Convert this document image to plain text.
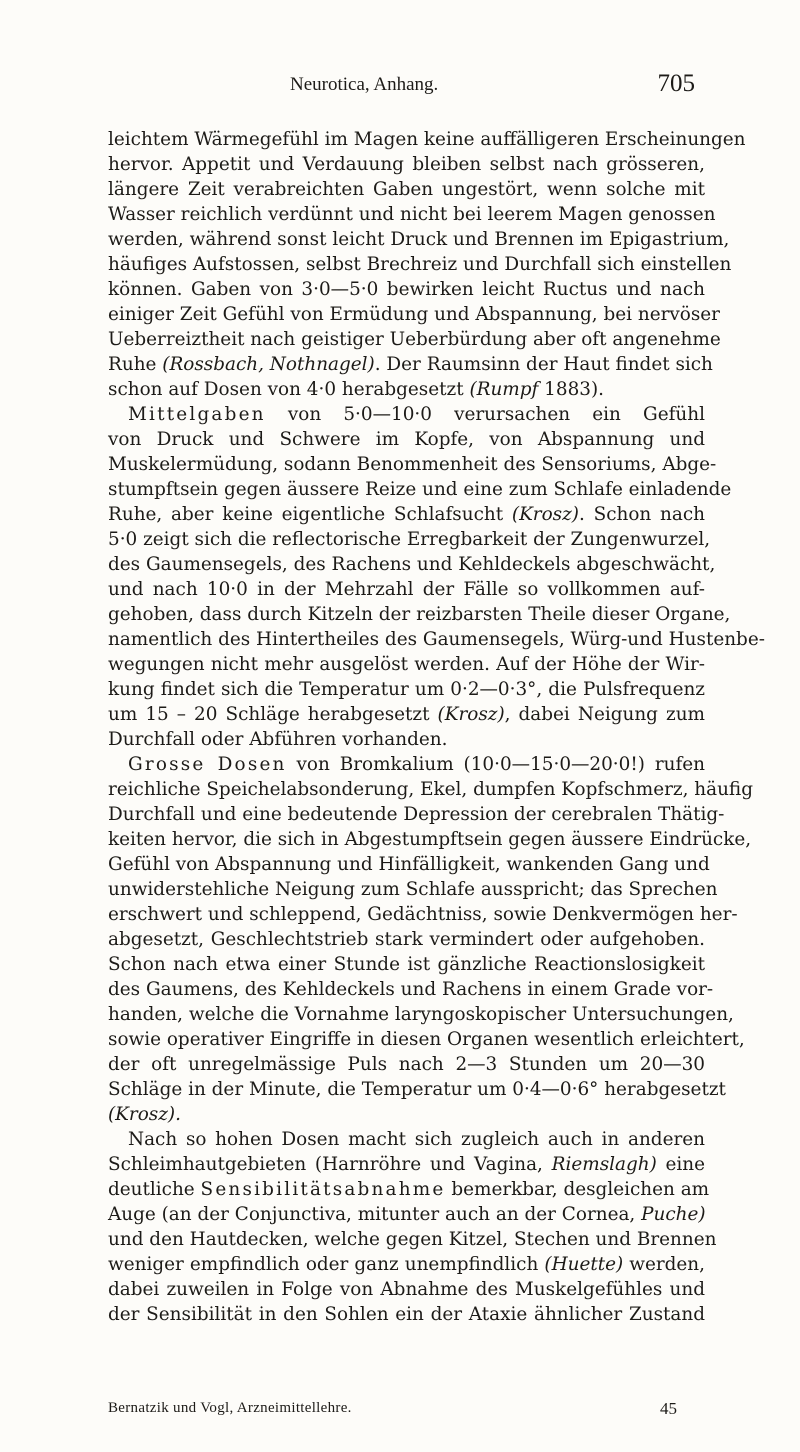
Neurotica, Anhang.	705
leichtem Wärmegefühl im Magen keine auffälligeren Erscheinungen
hervor. Appetit und Verdauung bleiben selbst nach grösseren,
längere Zeit verabreichten Gaben ungestört, wenn solche mit
Wasser reichlich verdünnt und nicht bei leerem Magen genossen
werden, während sonst leicht Druck und Brennen im Epigastrium,
häufiges Aufstossen, selbst Brechreiz und Durchfall sich einstellen
können. Gaben von 3·0—5·0 bewirken leicht Ructus und nach
einiger Zeit Gefühl von Ermüdung und Abspannung, bei nervöser
Ueberreiztheit nach geistiger Ueberbürdung aber oft angenehme
Ruhe (Rossbach, Nothnagel). Der Raumsinn der Haut findet sich
schon auf Dosen von 4·0 herabgesetzt (Rumpf 1883).
Mittelgaben von 5·0—10·0 verursachen ein Gefühl
von Druck und Schwere im Kopfe, von Abspannung und
Muskelermüdung, sodann Benommenheit des Sensoriums, Abge-
stumpftsein gegen äussere Reize und eine zum Schlafe einladende
Ruhe, aber keine eigentliche Schlafsucht (Krosz). Schon nach
5·0 zeigt sich die reflectorische Erregbarkeit der Zungenwurzel,
des Gaumensegels, des Rachens und Kehldeckels abgeschwächt,
und nach 10·0 in der Mehrzahl der Fälle so vollkommen auf-
gehoben, dass durch Kitzeln der reizbarsten Theile dieser Organe,
namentlich des Hintertheiles des Gaumensegels, Würg-und Hustenbe-
wegungen nicht mehr ausgelöst werden. Auf der Höhe der Wir-
kung findet sich die Temperatur um 0·2—0·3°, die Pulsfrequenz
um 15 – 20 Schläge herabgesetzt (Krosz), dabei Neigung zum
Durchfall oder Abführen vorhanden.
Grosse Dosen von Bromkalium (10·0—15·0—20·0!) rufen
reichliche Speichelabsonderung, Ekel, dumpfen Kopfschmerz, häufig
Durchfall und eine bedeutende Depression der cerebralen Thätig-
keiten hervor, die sich in Abgestumpftsein gegen äussere Eindrücke,
Gefühl von Abspannung und Hinfälligkeit, wankenden Gang und
unwiderstehliche Neigung zum Schlafe ausspricht; das Sprechen
erschwert und schleppend, Gedächtniss, sowie Denkvermögen her-
abgesetzt, Geschlechtstrieb stark vermindert oder aufgehoben.
Schon nach etwa einer Stunde ist gänzliche Reactionslosigkeit
des Gaumens, des Kehldeckels und Rachens in einem Grade vor-
handen, welche die Vornahme laryngoskopischer Untersuchungen,
sowie operativer Eingriffe in diesen Organen wesentlich erleichtert,
der oft unregelmässige Puls nach 2—3 Stunden um 20—30
Schläge in der Minute, die Temperatur um 0·4—0·6° herabgesetzt
(Krosz).
Nach so hohen Dosen macht sich zugleich auch in anderen
Schleimhautgebieten (Harnröhre und Vagina, Riemslagh) eine
deutliche Sensibilitätsabnahme bemerkbar, desgleichen am
Auge (an der Conjunctiva, mitunter auch an der Cornea, Puche)
und den Hautdecken, welche gegen Kitzel, Stechen und Brennen
weniger empfindlich oder ganz unempfindlich (Huette) werden,
dabei zuweilen in Folge von Abnahme des Muskelgefühles und
der Sensibilität in den Sohlen ein der Ataxie ähnlicher Zustand
Bernatzik und Vogl, Arzneimittellehre.	45
